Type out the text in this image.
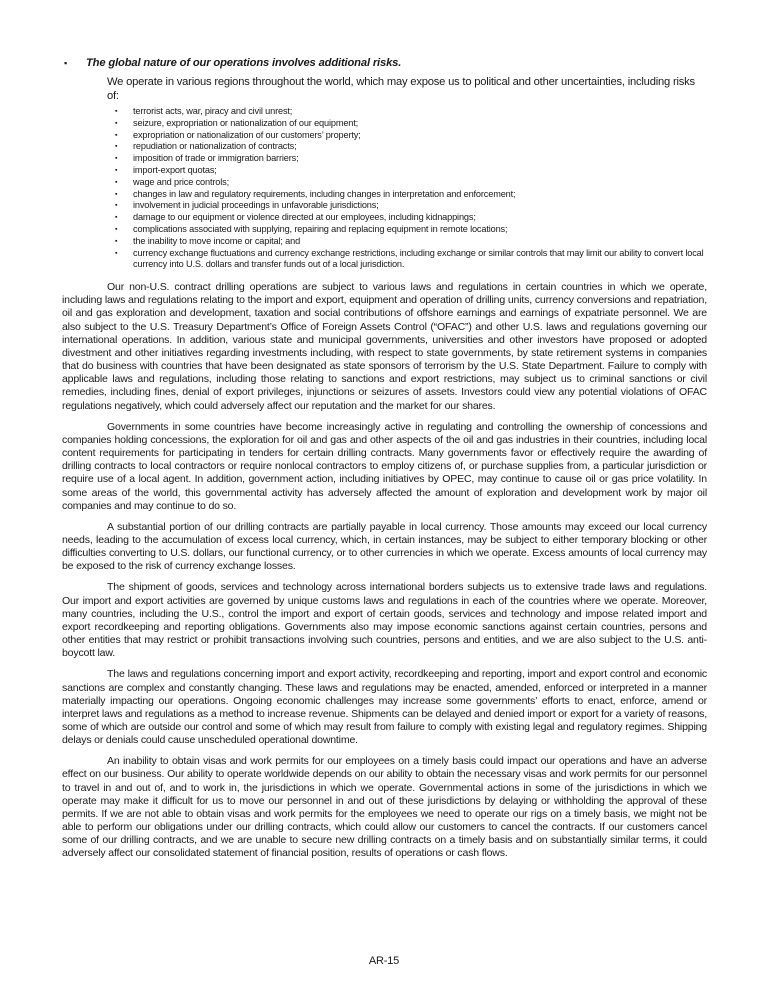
▪ The global nature of our operations involves additional risks.
We operate in various regions throughout the world, which may expose us to political and other uncertainties, including risks of:
▪ terrorist acts, war, piracy and civil unrest;
▪ seizure, expropriation or nationalization of our equipment;
▪ expropriation or nationalization of our customers’ property;
▪ repudiation or nationalization of contracts;
▪ imposition of trade or immigration barriers;
▪ import-export quotas;
▪ wage and price controls;
▪ changes in law and regulatory requirements, including changes in interpretation and enforcement;
▪ involvement in judicial proceedings in unfavorable jurisdictions;
▪ damage to our equipment or violence directed at our employees, including kidnappings;
▪ complications associated with supplying, repairing and replacing equipment in remote locations;
▪ the inability to move income or capital; and
▪ currency exchange fluctuations and currency exchange restrictions, including exchange or similar controls that may limit our ability to convert local currency into U.S. dollars and transfer funds out of a local jurisdiction.

Our non-U.S. contract drilling operations are subject to various laws and regulations in certain countries in which we operate, including laws and regulations relating to the import and export, equipment and operation of drilling units, currency conversions and repatriation, oil and gas exploration and development, taxation and social contributions of offshore earnings and earnings of expatriate personnel. We are also subject to the U.S. Treasury Department’s Office of Foreign Assets Control (“OFAC”) and other U.S. laws and regulations governing our international operations. In addition, various state and municipal governments, universities and other investors have proposed or adopted divestment and other initiatives regarding investments including, with respect to state governments, by state retirement systems in companies that do business with countries that have been designated as state sponsors of terrorism by the U.S. State Department. Failure to comply with applicable laws and regulations, including those relating to sanctions and export restrictions, may subject us to criminal sanctions or civil remedies, including fines, denial of export privileges, injunctions or seizures of assets. Investors could view any potential violations of OFAC regulations negatively, which could adversely affect our reputation and the market for our shares.

Governments in some countries have become increasingly active in regulating and controlling the ownership of concessions and companies holding concessions, the exploration for oil and gas and other aspects of the oil and gas industries in their countries, including local content requirements for participating in tenders for certain drilling contracts. Many governments favor or effectively require the awarding of drilling contracts to local contractors or require nonlocal contractors to employ citizens of, or purchase supplies from, a particular jurisdiction or require use of a local agent. In addition, government action, including initiatives by OPEC, may continue to cause oil or gas price volatility. In some areas of the world, this governmental activity has adversely affected the amount of exploration and development work by major oil companies and may continue to do so.

A substantial portion of our drilling contracts are partially payable in local currency. Those amounts may exceed our local currency needs, leading to the accumulation of excess local currency, which, in certain instances, may be subject to either temporary blocking or other difficulties converting to U.S. dollars, our functional currency, or to other currencies in which we operate. Excess amounts of local currency may be exposed to the risk of currency exchange losses.

The shipment of goods, services and technology across international borders subjects us to extensive trade laws and regulations. Our import and export activities are governed by unique customs laws and regulations in each of the countries where we operate. Moreover, many countries, including the U.S., control the import and export of certain goods, services and technology and impose related import and export recordkeeping and reporting obligations. Governments also may impose economic sanctions against certain countries, persons and other entities that may restrict or prohibit transactions involving such countries, persons and entities, and we are also subject to the U.S. anti-boycott law.

The laws and regulations concerning import and export activity, recordkeeping and reporting, import and export control and economic sanctions are complex and constantly changing. These laws and regulations may be enacted, amended, enforced or interpreted in a manner materially impacting our operations. Ongoing economic challenges may increase some governments’ efforts to enact, enforce, amend or interpret laws and regulations as a method to increase revenue. Shipments can be delayed and denied import or export for a variety of reasons, some of which are outside our control and some of which may result from failure to comply with existing legal and regulatory regimes. Shipping delays or denials could cause unscheduled operational downtime.

An inability to obtain visas and work permits for our employees on a timely basis could impact our operations and have an adverse effect on our business. Our ability to operate worldwide depends on our ability to obtain the necessary visas and work permits for our personnel to travel in and out of, and to work in, the jurisdictions in which we operate. Governmental actions in some of the jurisdictions in which we operate may make it difficult for us to move our personnel in and out of these jurisdictions by delaying or withholding the approval of these permits. If we are not able to obtain visas and work permits for the employees we need to operate our rigs on a timely basis, we might not be able to perform our obligations under our drilling contracts, which could allow our customers to cancel the contracts. If our customers cancel some of our drilling contracts, and we are unable to secure new drilling contracts on a timely basis and on substantially similar terms, it could adversely affect our consolidated statement of financial position, results of operations or cash flows.

AR-15
